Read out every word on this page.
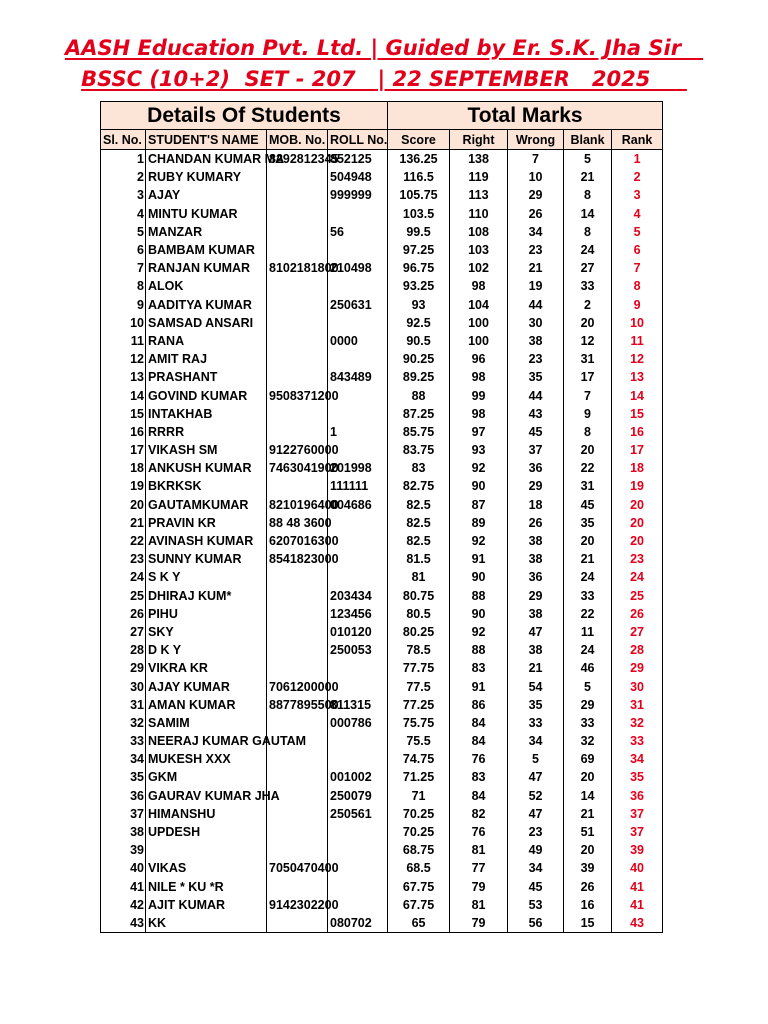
AASH Education Pvt. Ltd. | Guided by Er. S.K. Jha Sir
BSSC (10+2)  SET - 207   | 22 SEPTEMBER   2025
Details Of Students				Total Marks				
Sl. No.	STUDENT'S NAME	MOB. No.	ROLL No.	Score	Right	Wrong	Blank	Rank
1	CHANDAN KUMAR MA	8292812345	852125	136.25	138	7	5	1
2	RUBY KUMARY		504948	116.5	119	10	21	2
3	AJAY		999999	105.75	113	29	8	3
4	MINTU KUMAR			103.5	110	26	14	4
5	MANZAR		56	99.5	108	34	8	5
6	BAMBAM KUMAR			97.25	103	23	24	6
7	RANJAN KUMAR	8102181800	210498	96.75	102	21	27	7
8	ALOK			93.25	98	19	33	8
9	AADITYA KUMAR		250631	93	104	44	2	9
10	SAMSAD ANSARI			92.5	100	30	20	10
11	RANA		0000	90.5	100	38	12	11
12	AMIT RAJ			90.25	96	23	31	12
13	PRASHANT		843489	89.25	98	35	17	13
14	GOVIND KUMAR	9508371200		88	99	44	7	14
15	INTAKHAB			87.25	98	43	9	15
16	RRRR		1	85.75	97	45	8	16
17	VIKASH SM	9122760000		83.75	93	37	20	17
18	ANKUSH KUMAR	7463041900	201998	83	92	36	22	18
19	BKRKSK		111111	82.75	90	29	31	19
20	GAUTAMKUMAR	8210196400	004686	82.5	87	18	45	20
21	PRAVIN KR	88 48 3600		82.5	89	26	35	20
22	AVINASH KUMAR	6207016300		82.5	92	38	20	20
23	SUNNY KUMAR	8541823000		81.5	91	38	21	23
24	S K Y			81	90	36	24	24
25	DHIRAJ KUM*		203434	80.75	88	29	33	25
26	PIHU		123456	80.5	90	38	22	26
27	SKY		010120	80.25	92	47	11	27
28	D K Y		250053	78.5	88	38	24	28
29	VIKRA KR			77.75	83	21	46	29
30	AJAY KUMAR	7061200000		77.5	91	54	5	30
31	AMAN KUMAR	8877895500	811315	77.25	86	35	29	31
32	SAMIM		000786	75.75	84	33	33	32
33	NEERAJ KUMAR GAUTAM			75.5	84	34	32	33
34	MUKESH XXX			74.75	76	5	69	34
35	GKM		001002	71.25	83	47	20	35
36	GAURAV KUMAR JHA		250079	71	84	52	14	36
37	HIMANSHU		250561	70.25	82	47	21	37
38	UPDESH			70.25	76	23	51	37
39				68.75	81	49	20	39
40	VIKAS	7050470400		68.5	77	34	39	40
41	NILE * KU *R			67.75	79	45	26	41
42	AJIT KUMAR	9142302200		67.75	81	53	16	41
43	KK		080702	65	79	56	15	43
